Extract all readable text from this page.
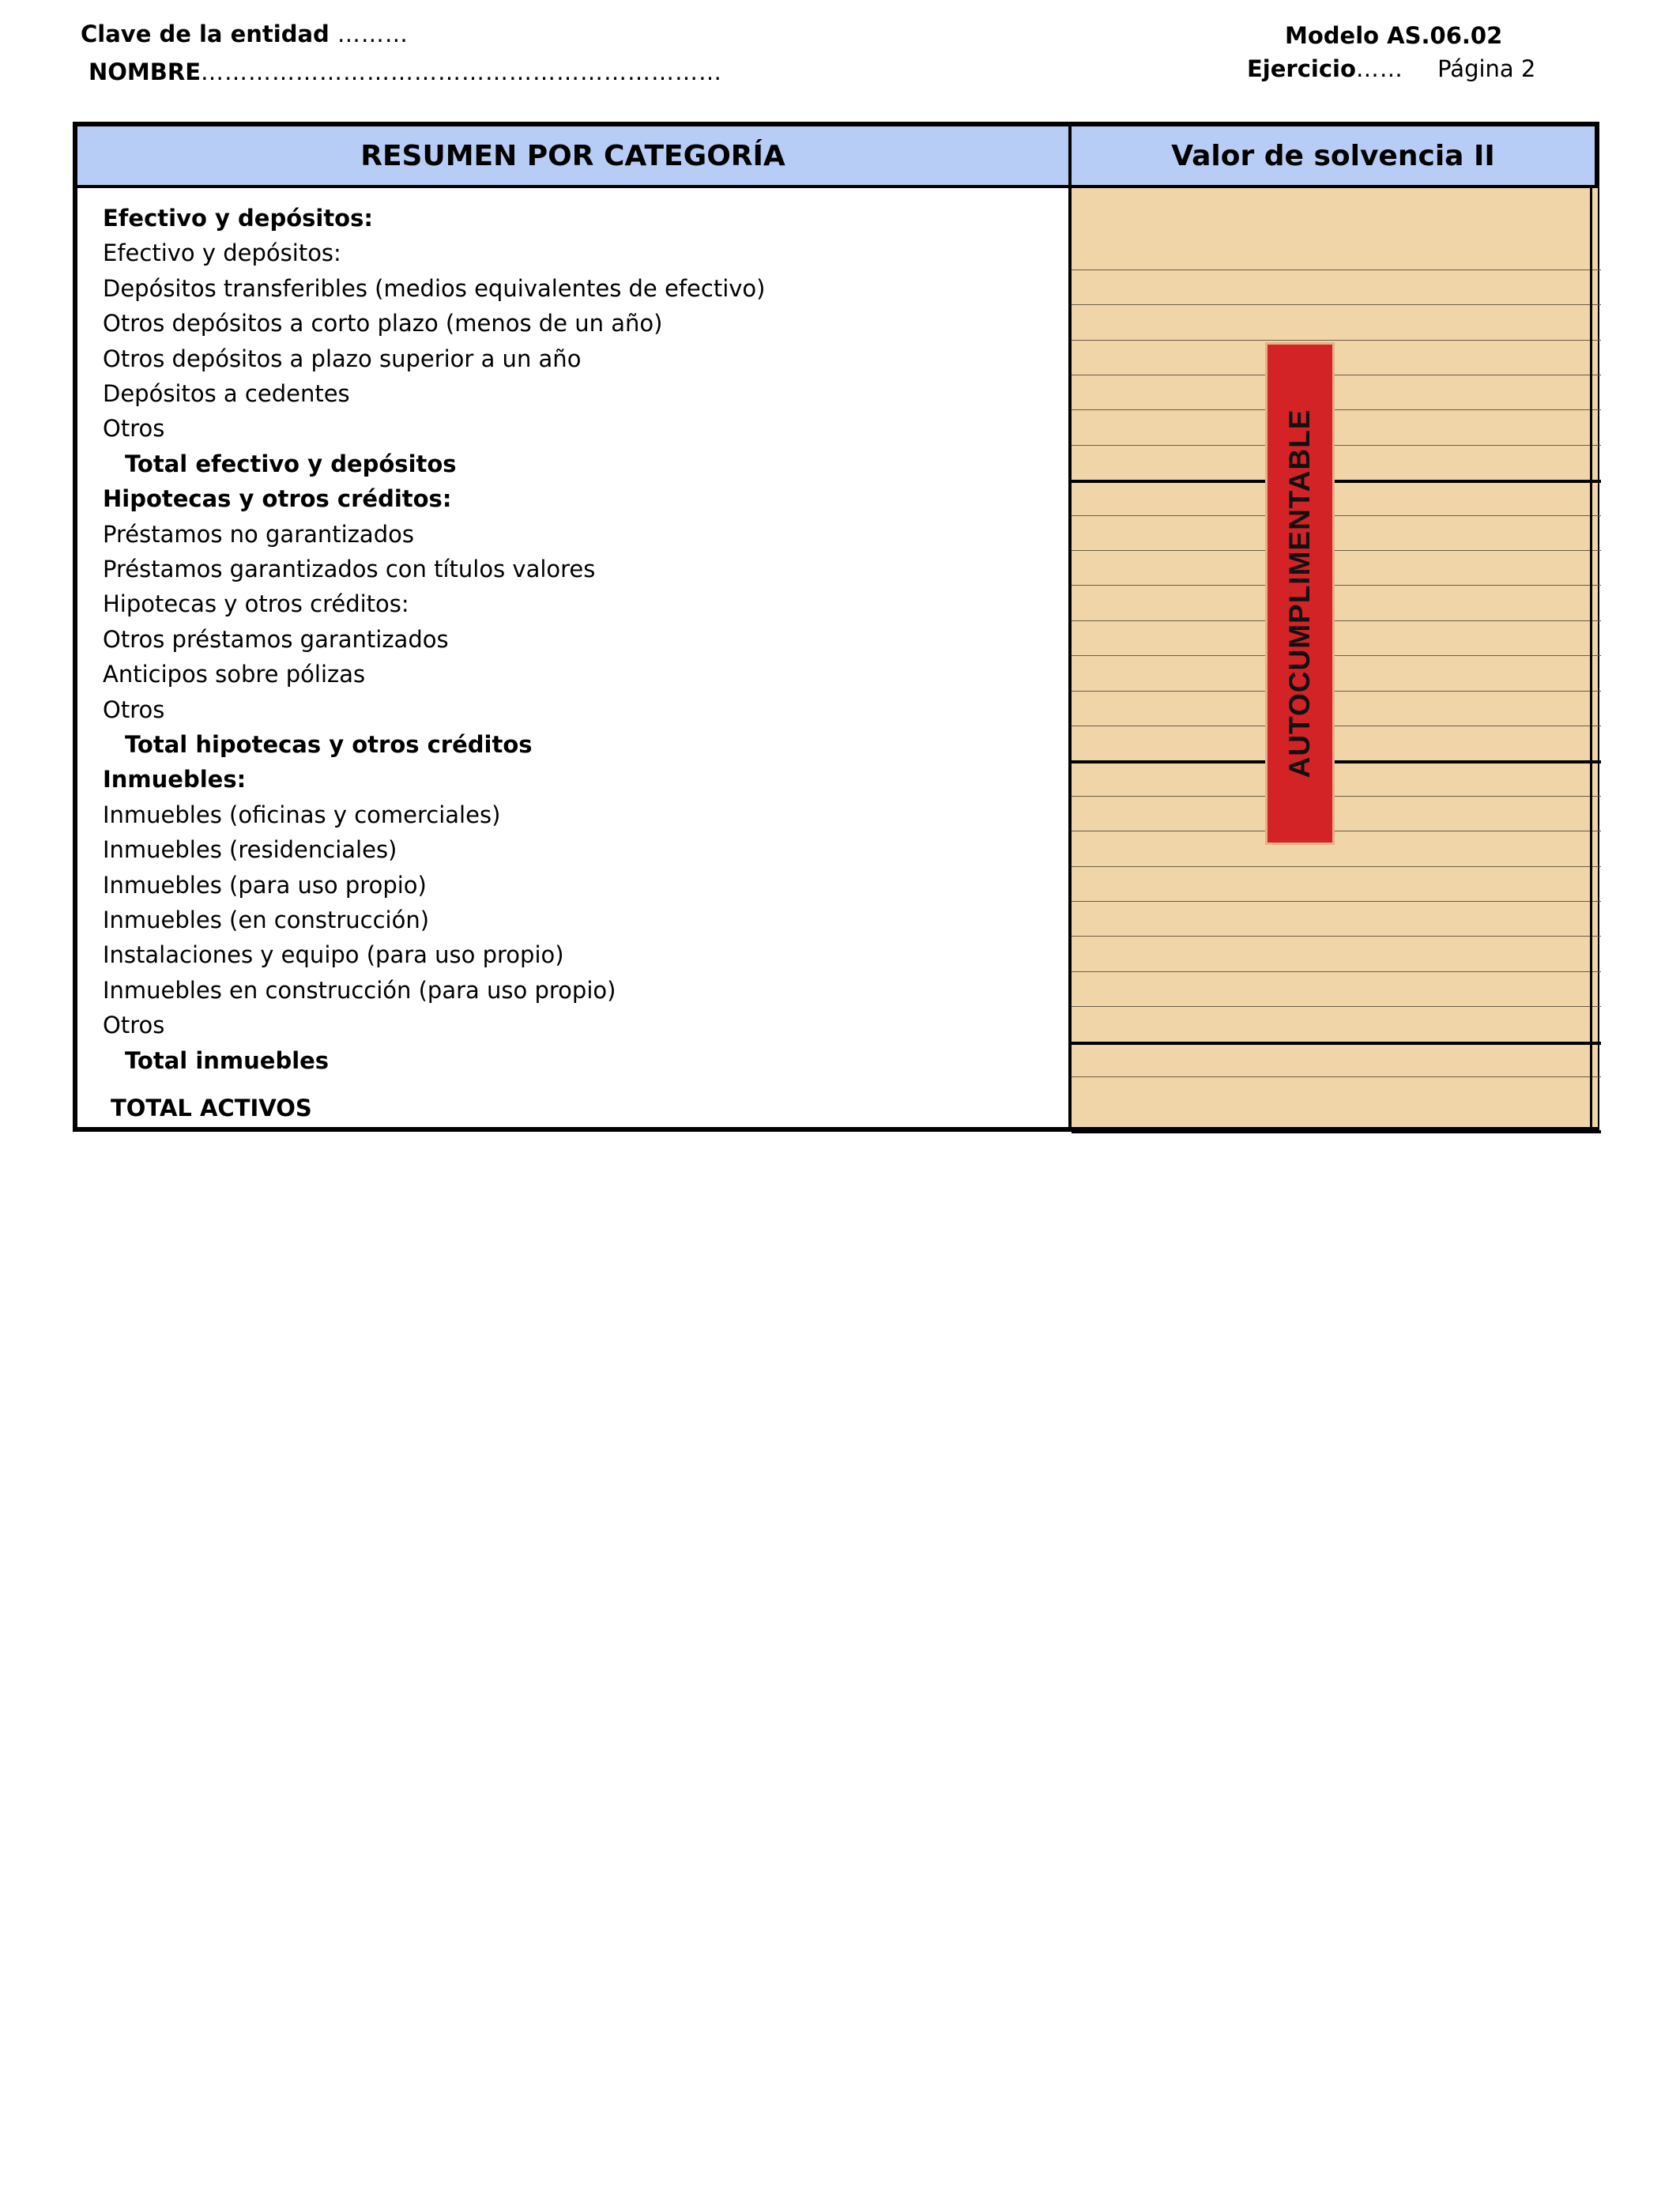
Clave de la entidad ………
NOMBRE…………………………………………………………
Modelo AS.06.02
Ejercicio…… Página 2
RESUMEN POR CATEGORÍA	Valor de solvencia II
Efectivo y depósitos:
Efectivo y depósitos:
Depósitos transferibles (medios equivalentes de efectivo)
Otros depósitos a corto plazo (menos de un año)
Otros depósitos a plazo superior a un año
Depósitos a cedentes
Otros
Total efectivo y depósitos
Hipotecas y otros créditos:
Préstamos no garantizados
Préstamos garantizados con títulos valores
Hipotecas y otros créditos:
Otros préstamos garantizados
Anticipos sobre pólizas
Otros
Total hipotecas y otros créditos
Inmuebles:
Inmuebles (oficinas y comerciales)
Inmuebles (residenciales)
Inmuebles (para uso propio)
Inmuebles (en construcción)
Instalaciones y equipo (para uso propio)
Inmuebles en construcción (para uso propio)
Otros
Total inmuebles
TOTAL ACTIVOS
AUTOCUMPLIMENTABLE
